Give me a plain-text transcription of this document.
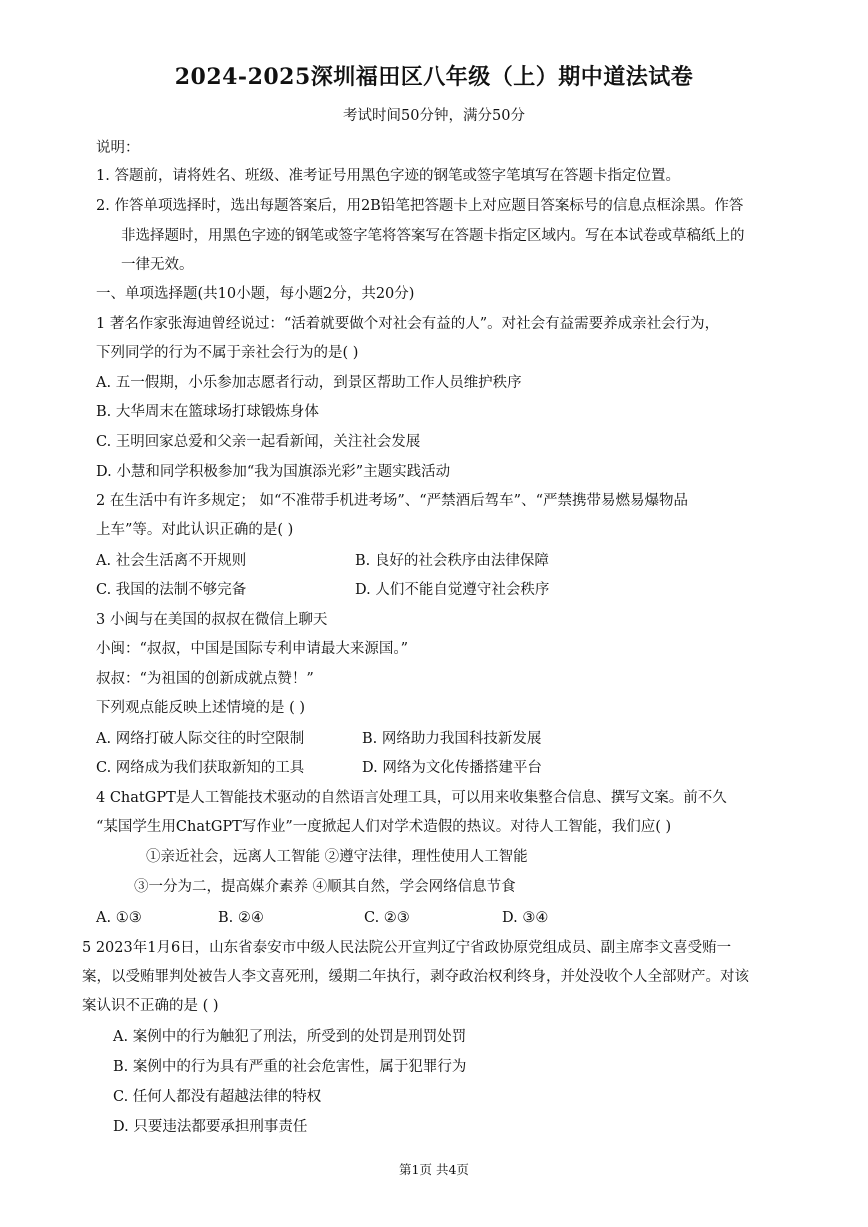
2024-2025深圳福田区八年级（上）期中道法试卷
考试时间50分钟，满分50分
说明：
1. 答题前，请将姓名、班级、准考证号用黑色字迹的钢笔或签字笔填写在答题卡指定位置。
2. 作答单项选择时，选出每题答案后，用2B铅笔把答题卡上对应题目答案标号的信息点框涂黑。作答
非选择题时，用黑色字迹的钢笔或签字笔将答案写在答题卡指定区域内。写在本试卷或草稿纸上的
一律无效。
一、单项选择题(共10小题，每小题2分，共20分)
1 著名作家张海迪曾经说过：“活着就要做个对社会有益的人”。对社会有益需要养成亲社会行为，
下列同学的行为不属于亲社会行为的是( )
A. 五一假期，小乐参加志愿者行动，到景区帮助工作人员维护秩序
B. 大华周末在篮球场打球锻炼身体
C. 王明回家总爱和父亲一起看新闻，关注社会发展
D. 小慧和同学积极参加“我为国旗添光彩”主题实践活动
2 在生活中有许多规定； 如“不准带手机进考场”、“严禁酒后驾车”、“严禁携带易燃易爆物品
上车”等。对此认识正确的是( )
A. 社会生活离不开规则	B. 良好的社会秩序由法律保障
C. 我国的法制不够完备	D. 人们不能自觉遵守社会秩序
3 小闽与在美国的叔叔在微信上聊天
小闽：“叔叔，中国是国际专利申请最大来源国。”
叔叔：“为祖国的创新成就点赞！”
下列观点能反映上述情境的是 ( )
A. 网络打破人际交往的时空限制	B. 网络助力我国科技新发展
C. 网络成为我们获取新知的工具	D. 网络为文化传播搭建平台
4 ChatGPT是人工智能技术驱动的自然语言处理工具，可以用来收集整合信息、撰写文案。前不久
“某国学生用ChatGPT写作业”一度掀起人们对学术造假的热议。对待人工智能，我们应( )
①亲近社会，远离人工智能 ②遵守法律，理性使用人工智能
③一分为二，提高媒介素养 ④顺其自然，学会网络信息节食
A. ①③	B. ②④	C. ②③	D. ③④
5 2023年1月6日，山东省泰安市中级人民法院公开宣判辽宁省政协原党组成员、副主席李文喜受贿一
案，以受贿罪判处被告人李文喜死刑，缓期二年执行，剥夺政治权利终身，并处没收个人全部财产。对该
案认识不正确的是 ( )
A. 案例中的行为触犯了刑法，所受到的处罚是刑罚处罚
B. 案例中的行为具有严重的社会危害性，属于犯罪行为
C. 任何人都没有超越法律的特权
D. 只要违法都要承担刑事责任
第1页 共4页
